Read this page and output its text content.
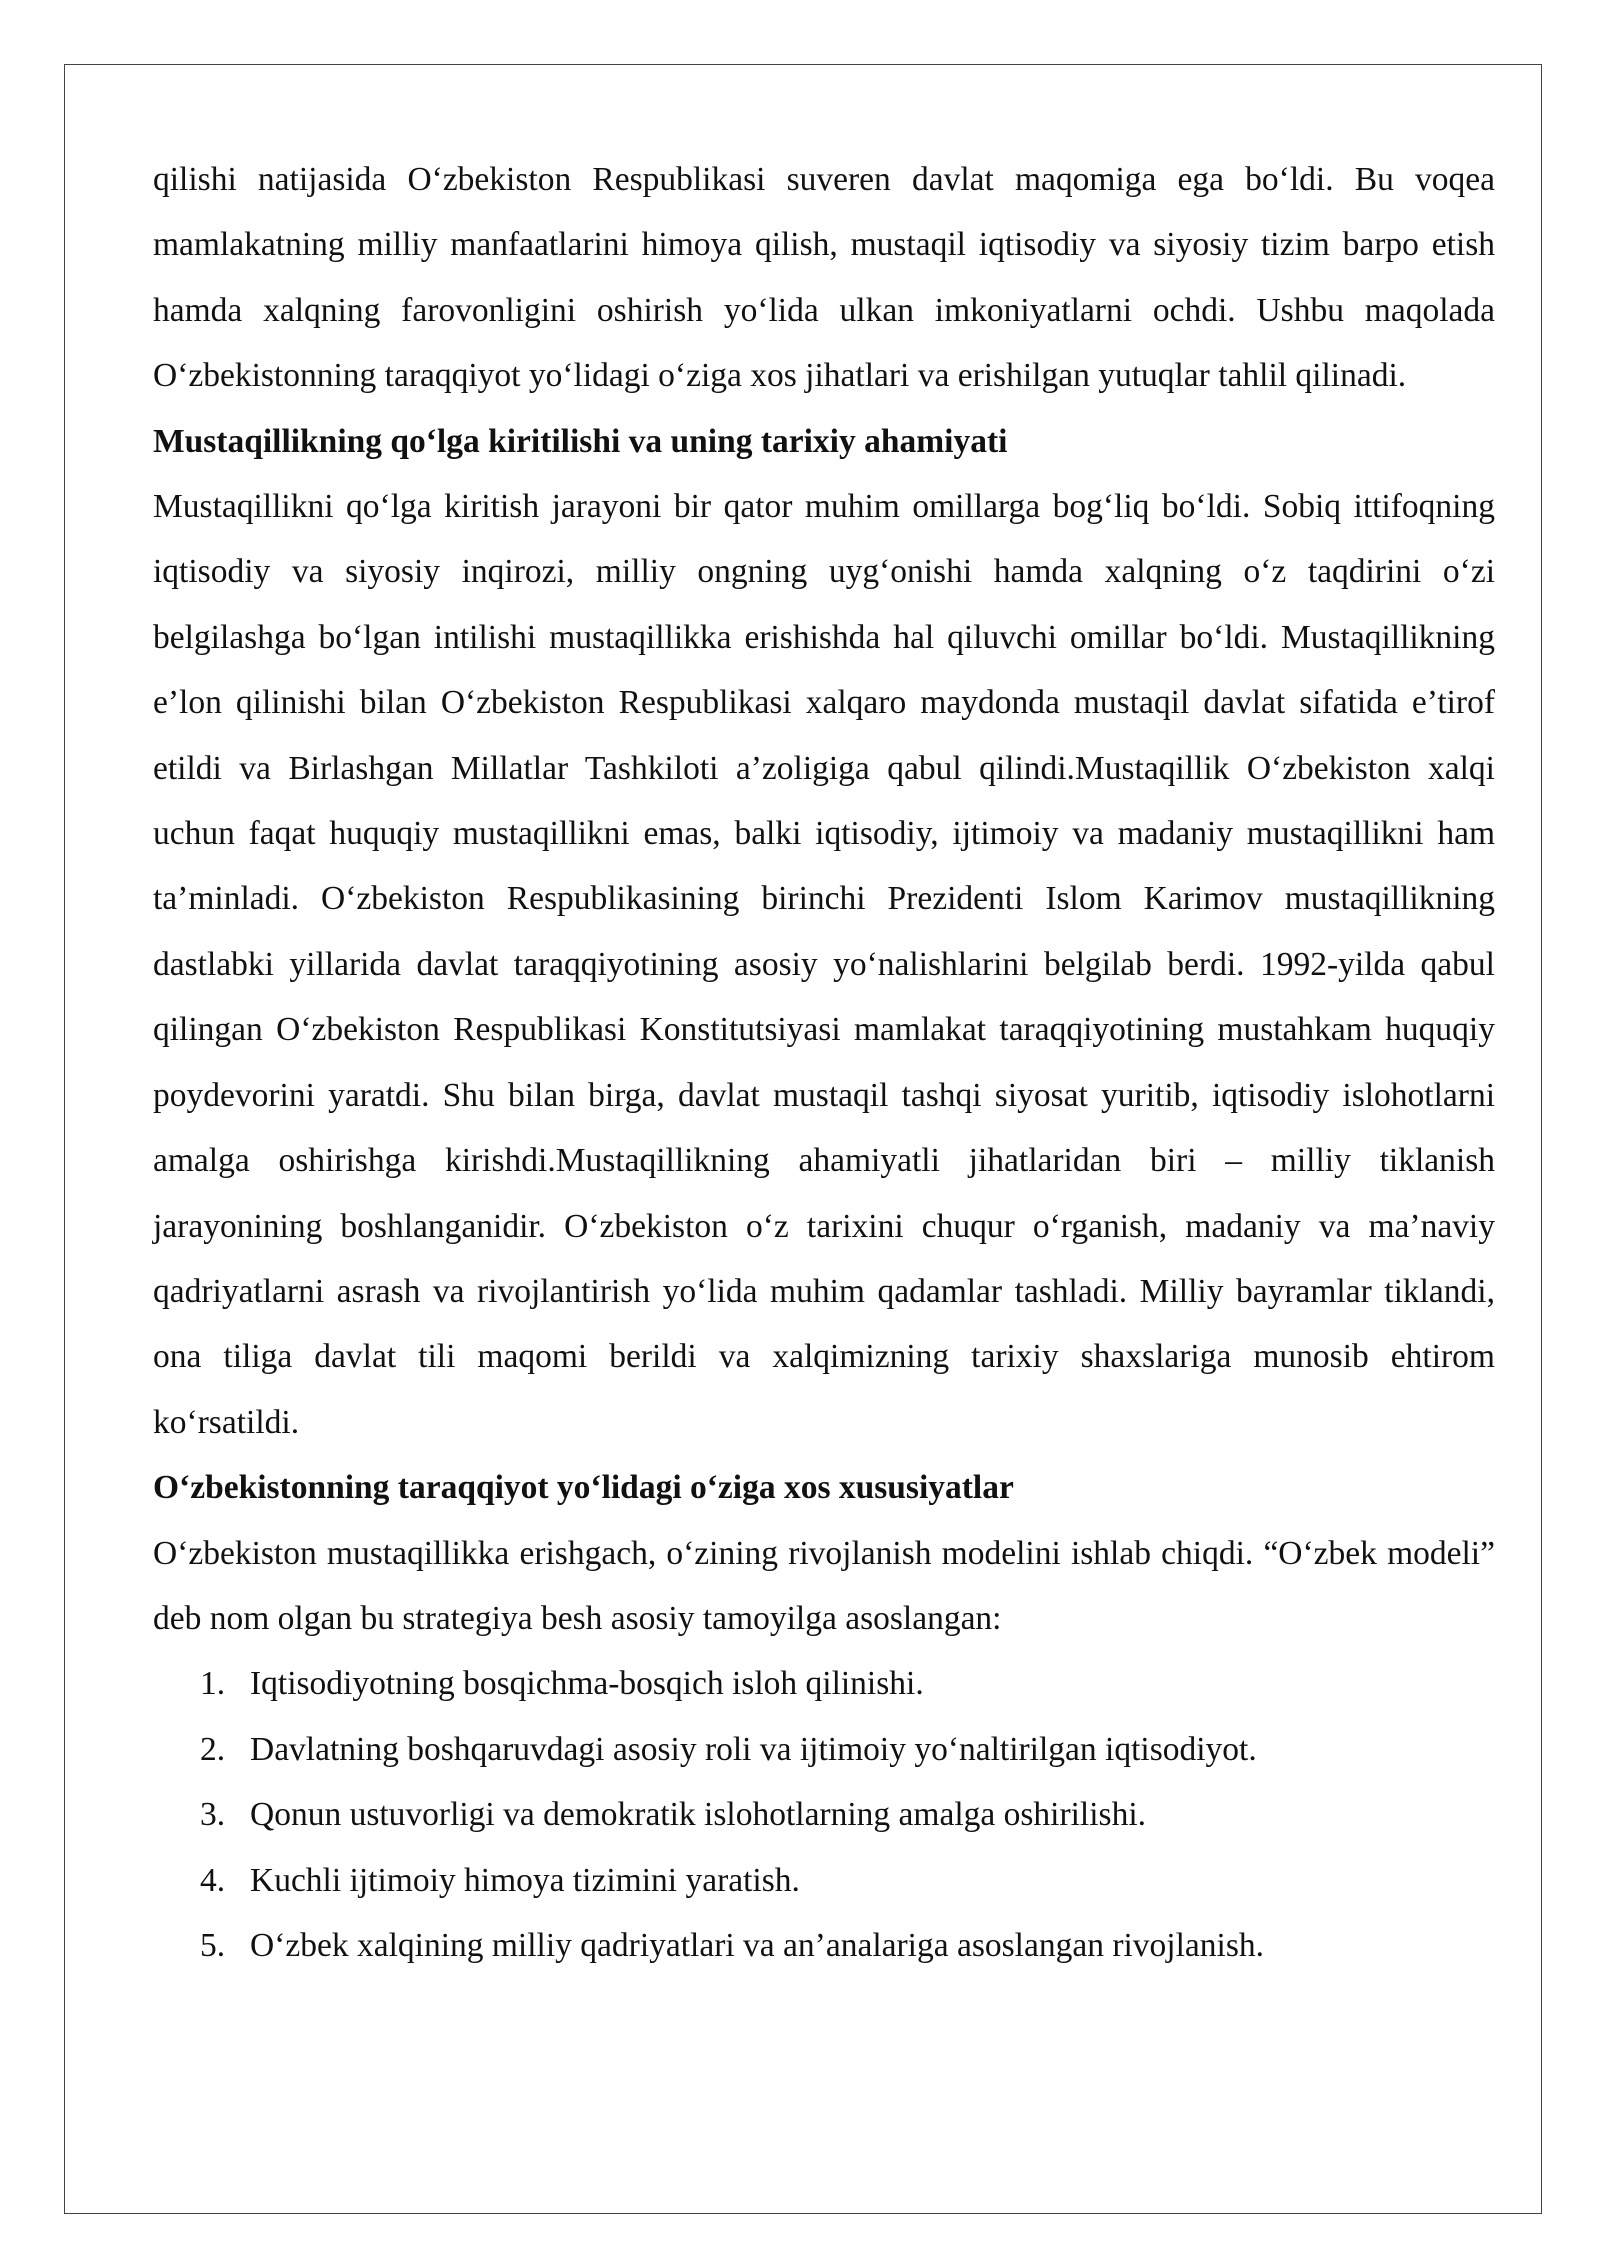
qilishi natijasida O‘zbekiston Respublikasi suveren davlat maqomiga ega bo‘ldi. Bu voqea mamlakatning milliy manfaatlarini himoya qilish, mustaqil iqtisodiy va siyosiy tizim barpo etish hamda xalqning farovonligini oshirish yo‘lida ulkan imkoniyatlarni ochdi. Ushbu maqolada O‘zbekistonning taraqqiyot yo‘lidagi o‘ziga xos jihatlari va erishilgan yutuqlar tahlil qilinadi.

Mustaqillikning qo‘lga kiritilishi va uning tarixiy ahamiyati

Mustaqillikni qo‘lga kiritish jarayoni bir qator muhim omillarga bog‘liq bo‘ldi. Sobiq ittifoqning iqtisodiy va siyosiy inqirozi, milliy ongning uyg‘onishi hamda xalqning o‘z taqdirini o‘zi belgilashga bo‘lgan intilishi mustaqillikka erishishda hal qiluvchi omillar bo‘ldi. Mustaqillikning e’lon qilinishi bilan O‘zbekiston Respublikasi xalqaro maydonda mustaqil davlat sifatida e’tirof etildi va Birlashgan Millatlar Tashkiloti a’zoligiga qabul qilindi.Mustaqillik O‘zbekiston xalqi uchun faqat huquqiy mustaqillikni emas, balki iqtisodiy, ijtimoiy va madaniy mustaqillikni ham ta’minladi. O‘zbekiston Respublikasining birinchi Prezidenti Islom Karimov mustaqillikning dastlabki yillarida davlat taraqqiyotining asosiy yo‘nalishlarini belgilab berdi. 1992-yilda qabul qilingan O‘zbekiston Respublikasi Konstitutsiyasi mamlakat taraqqiyotining mustahkam huquqiy poydevorini yaratdi. Shu bilan birga, davlat mustaqil tashqi siyosat yuritib, iqtisodiy islohotlarni amalga oshirishga kirishdi.Mustaqillikning ahamiyatli jihatlaridan biri – milliy tiklanish jarayonining boshlanganidir. O‘zbekiston o‘z tarixini chuqur o‘rganish, madaniy va ma’naviy qadriyatlarni asrash va rivojlantirish yo‘lida muhim qadamlar tashladi. Milliy bayramlar tiklandi, ona tiliga davlat tili maqomi berildi va xalqimizning tarixiy shaxslariga munosib ehtirom ko‘rsatildi.

O‘zbekistonning taraqqiyot yo‘lidagi o‘ziga xos xususiyatlar

O‘zbekiston mustaqillikka erishgach, o‘zining rivojlanish modelini ishlab chiqdi. “O‘zbek modeli” deb nom olgan bu strategiya besh asosiy tamoyilga asoslangan:

1. Iqtisodiyotning bosqichma-bosqich isloh qilinishi.
2. Davlatning boshqaruvdagi asosiy roli va ijtimoiy yo‘naltirilgan iqtisodiyot.
3. Qonun ustuvorligi va demokratik islohotlarning amalga oshirilishi.
4. Kuchli ijtimoiy himoya tizimini yaratish.
5. O‘zbek xalqining milliy qadriyatlari va an’analariga asoslangan rivojlanish.
